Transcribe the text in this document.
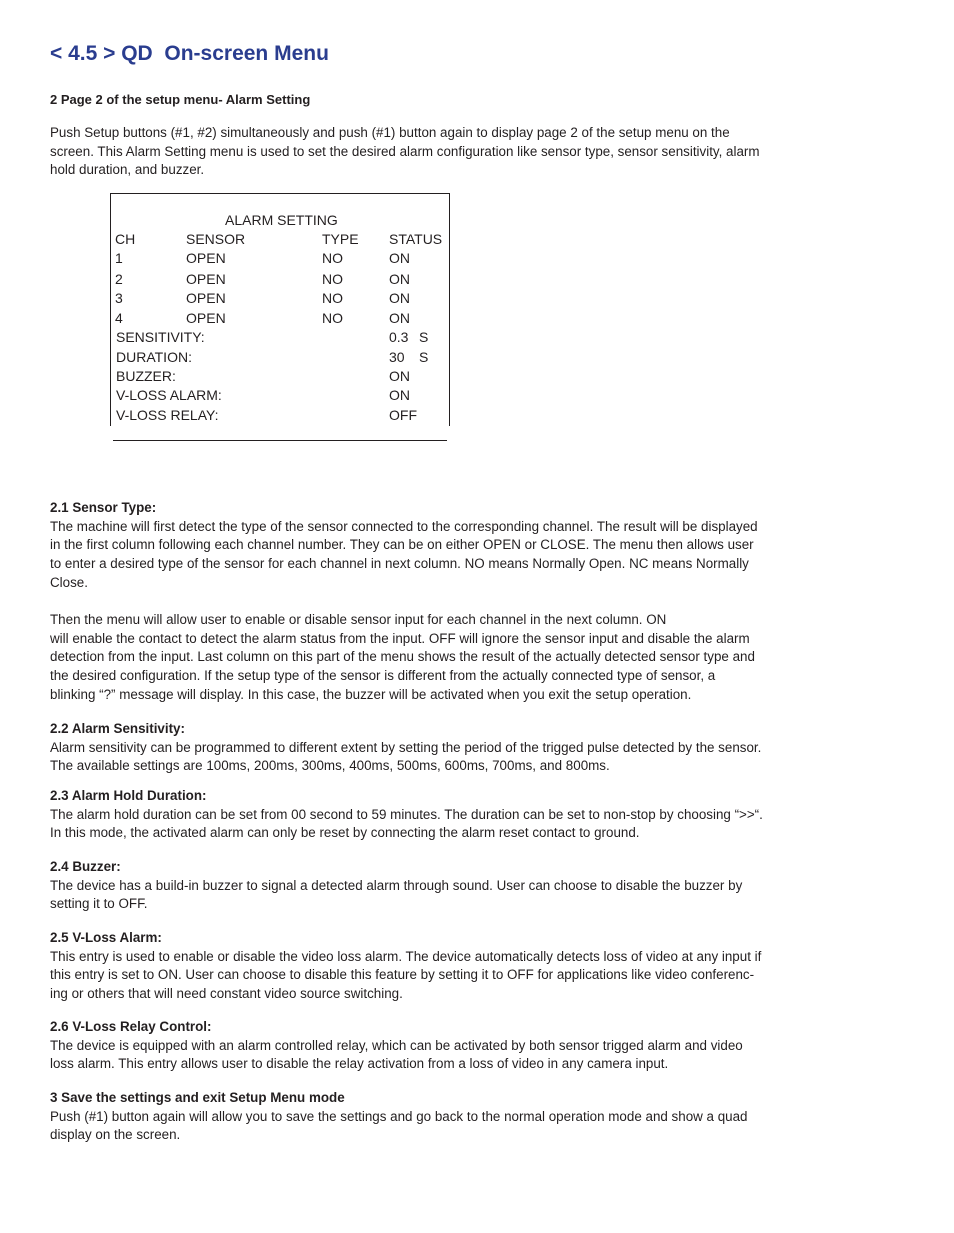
< 4.5 > QD  On-screen Menu
2 Page 2 of the setup menu- Alarm Setting
Push Setup buttons (#1, #2) simultaneously and push (#1) button again to display page 2 of the setup menu on the
screen. This Alarm Setting menu is used to set the desired alarm configuration like sensor type, sensor sensitivity, alarm
hold duration, and buzzer.
ALARM SETTING
CH	SENSOR	TYPE STATUS
1	OPEN	NO	ON
2	OPEN	NO	ON
3	OPEN	NO	ON
4	OPEN	NO	ON
SENSITIVITY:	0.3 S
DURATION:	30 S
BUZZER:	ON
V-LOSS ALARM:	ON
V-LOSS RELAY:	OFF
2.1 Sensor Type:
The machine will first detect the type of the sensor connected to the corresponding channel. The result will be displayed
in the first column following each channel number. They can be on either OPEN or CLOSE. The menu then allows user
to enter a desired type of the sensor for each channel in next column. NO means Normally Open. NC means Normally
Close.
Then the menu will allow user to enable or disable sensor input for each channel in the next column. ON
will enable the contact to detect the alarm status from the input. OFF will ignore the sensor input and disable the alarm
detection from the input. Last column on this part of the menu shows the result of the actually detected sensor type and
the desired configuration. If the setup type of the sensor is different from the actually connected type of sensor, a
blinking “?” message will display. In this case, the buzzer will be activated when you exit the setup operation.
2.2 Alarm Sensitivity:
Alarm sensitivity can be programmed to different extent by setting the period of the trigged pulse detected by the sensor.
The available settings are 100ms, 200ms, 300ms, 400ms, 500ms, 600ms, 700ms, and 800ms.
2.3 Alarm Hold Duration:
The alarm hold duration can be set from 00 second to 59 minutes. The duration can be set to non-stop by choosing “>>“.
In this mode, the activated alarm can only be reset by connecting the alarm reset contact to ground.
2.4 Buzzer:
The device has a build-in buzzer to signal a detected alarm through sound. User can choose to disable the buzzer by
setting it to OFF.
2.5 V-Loss Alarm:
This entry is used to enable or disable the video loss alarm. The device automatically detects loss of video at any input if
this entry is set to ON. User can choose to disable this feature by setting it to OFF for applications like video conferenc-
ing or others that will need constant video source switching.
2.6 V-Loss Relay Control:
The device is equipped with an alarm controlled relay, which can be activated by both sensor trigged alarm and video
loss alarm. This entry allows user to disable the relay activation from a loss of video in any camera input.
3 Save the settings and exit Setup Menu mode
Push (#1) button again will allow you to save the settings and go back to the normal operation mode and show a quad
display on the screen.
